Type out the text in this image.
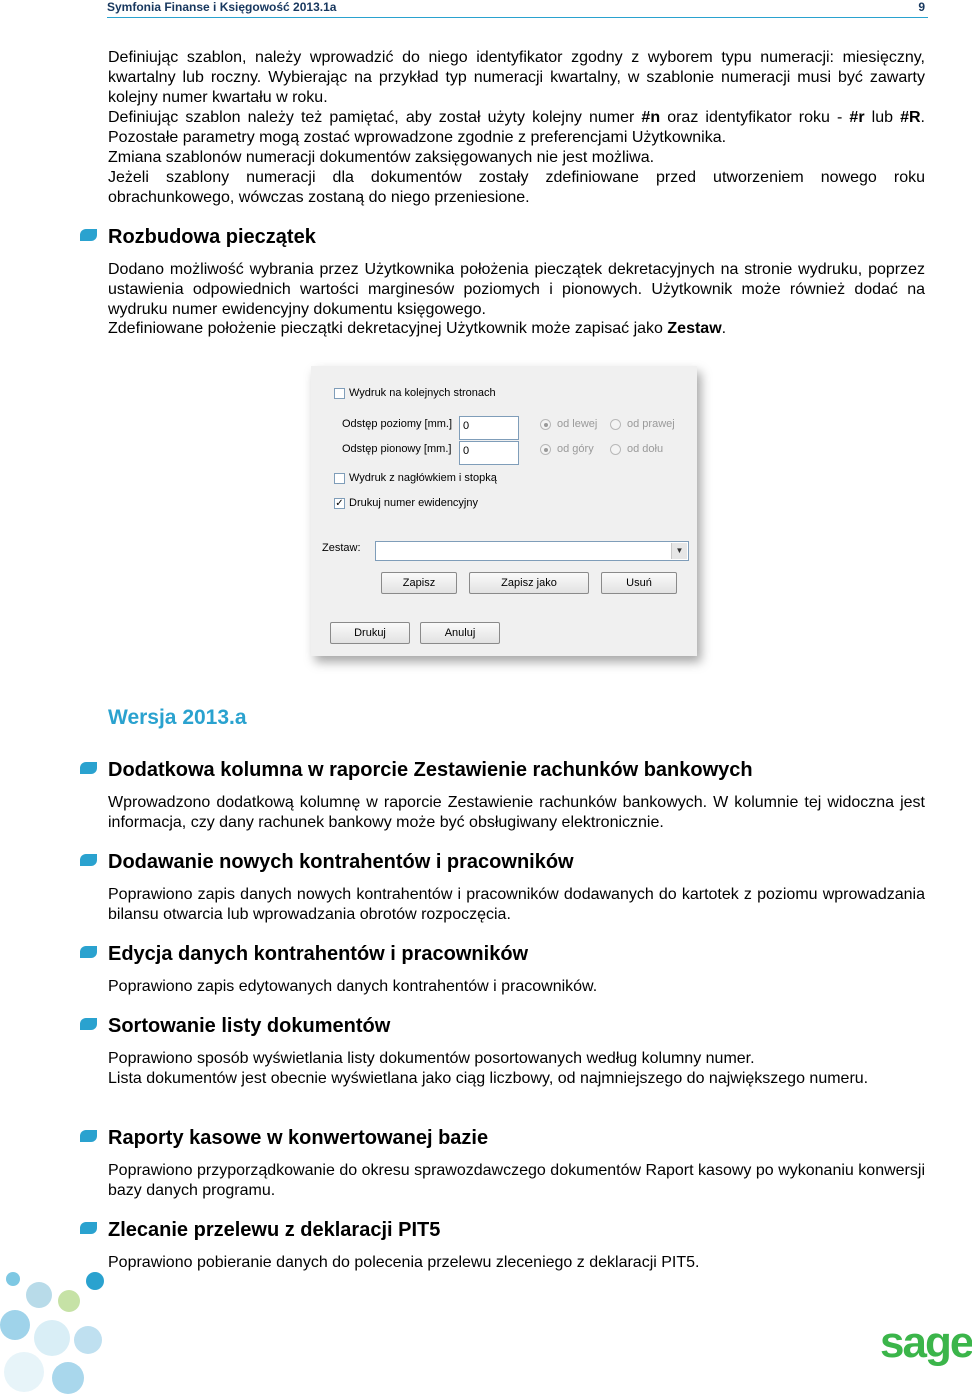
Symfonia Finanse i Księgowość 2013.1a	9

Definiując szablon, należy wprowadzić do niego identyfikator zgodny z wyborem typu numeracji: miesięczny, kwartalny lub roczny. Wybierając na przykład typ numeracji kwartalny, w szablonie numeracji musi być zawarty kolejny numer kwartału w roku.

Definiując szablon należy też pamiętać, aby został użyty kolejny numer #n oraz identyfikator roku - #r lub #R. Pozostałe parametry mogą zostać wprowadzone zgodnie z preferencjami Użytkownika.

Zmiana szablonów numeracji dokumentów zaksięgowanych nie jest możliwa.

Jeżeli szablony numeracji dla dokumentów zostały zdefiniowane przed utworzeniem nowego roku obrachunkowego, wówczas zostaną do niego przeniesione.

Rozbudowa pieczątek

Dodano możliwość wybrania przez Użytkownika położenia pieczątek dekretacyjnych na stronie wydruku, poprzez ustawienia odpowiednich wartości marginesów poziomych i pionowych. Użytkownik może również dodać na wydruku numer ewidencyjny dokumentu księgowego.

Zdefiniowane położenie pieczątki dekretacyjnej Użytkownik może zapisać jako Zestaw.

Wydruk na kolejnych stronach
Odstęp poziomy [mm.] 0
Odstęp pionowy [mm.]	0
od lewej	od prawej
od góry	od dołu
Wydruk z nagłówkiem i stopką
✓ Drukuj numer ewidencyjny
Zestaw:	▼
Zapisz	Zapisz jako	Usuń
Drukuj	Anuluj
Wersja 2013.a
Dodatkowa kolumna w raporcie Zestawienie rachunków bankowych

Wprowadzono dodatkową kolumnę w raporcie Zestawienie rachunków bankowych. W kolumnie tej widoczna jest informacja, czy dany rachunek bankowy może być obsługiwany elektronicznie.

Dodawanie nowych kontrahentów i pracowników

Poprawiono zapis danych nowych kontrahentów i pracowników dodawanych do kartotek z poziomu wprowadzania bilansu otwarcia lub wprowadzania obrotów rozpoczęcia.

Edycja danych kontrahentów i pracowników

Poprawiono zapis edytowanych danych kontrahentów i pracowników.

Sortowanie listy dokumentów

Poprawiono sposób wyświetlania listy dokumentów posortowanych według kolumny numer.

Lista dokumentów jest obecnie wyświetlana jako ciąg liczbowy, od najmniejszego do największego numeru.

Raporty kasowe w konwertowanej bazie

Poprawiono przyporządkowanie do okresu sprawozdawczego dokumentów Raport kasowy po wykonaniu konwersji bazy danych programu.

Zlecanie przelewu z deklaracji PIT5

Poprawiono pobieranie danych do polecenia przelewu zleceniego z deklaracji PIT5.

sage
